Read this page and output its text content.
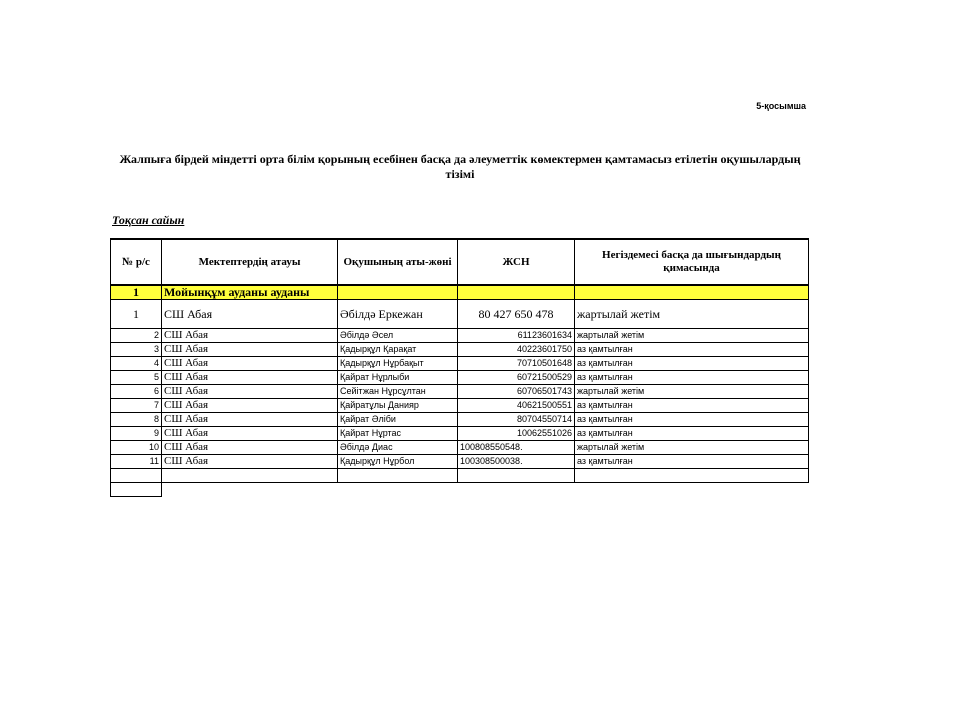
5-қосымша
Жалпыға бірдей міндетті орта білім қорының есебінен басқа да әлеуметтік көмектермен қамтамасыз етілетін оқушылардың тізімі
Тоқсан сайын
№ р/с	Мектептердің атауы	Оқушының аты-жөні	ЖСН	Негіздемесі басқа да шығындардың қимасында
1	Мойынқұм ауданы ауданы			
1	СШ Абая	Әбілдә Еркежан	80 427 650 478	жартылай жетім
2	СШ Абая	Әбілдә Әсел	61123601634	жартылай жетім
3	СШ Абая	Қадырқұл Қарақат	40223601750	аз қамтылған
4	СШ Абая	Қадырқұл Нұрбақыт	70710501648	аз қамтылған
5	СШ Абая	Қайрат Нұрлыби	60721500529	аз қамтылған
6	СШ Абая	Сейітжан Нұрсұлтан	60706501743	жартылай жетім
7	СШ Абая	Қайратұлы Данияр	40621500551	аз қамтылған
8	СШ Абая	Қайрат Әліби	80704550714	аз қамтылған
9	СШ Абая	Қайрат Нұртас	10062551026	аз қамтылған
10	СШ Абая	Әбілдә Диас	100808550548.	жартылай жетім
11	СШ Абая	Қадырқұл Нұрбол	100308500038.	аз қамтылған
